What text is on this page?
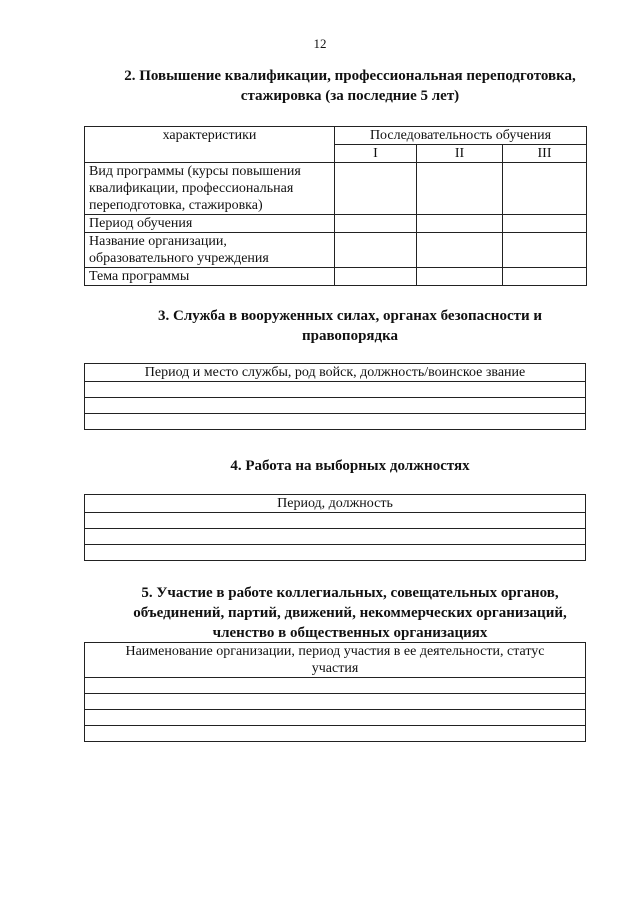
12
2. Повышение квалификации, профессиональная переподготовка,
стажировка (за последние 5 лет)
характеристики	Последовательность обучения		
	I	II	III

Вид программы (курсы повышения
квалификации, профессиональная
переподготовка, стажировка)			

Период обучения			

Название организации,
образовательного учреждения			

Тема программы			
3. Служба в вооруженных силах, органах безопасности и
правопорядка
Период и место службы, род войск, должность/воинское звание

4. Работа на выборных должностях
Период, должность

5. Участие в работе коллегиальных, совещательных органов,
объединений, партий, движений, некоммерческих организаций,
членство в общественных организациях
Наименование организации, период участия в ее деятельности, статус
участия
